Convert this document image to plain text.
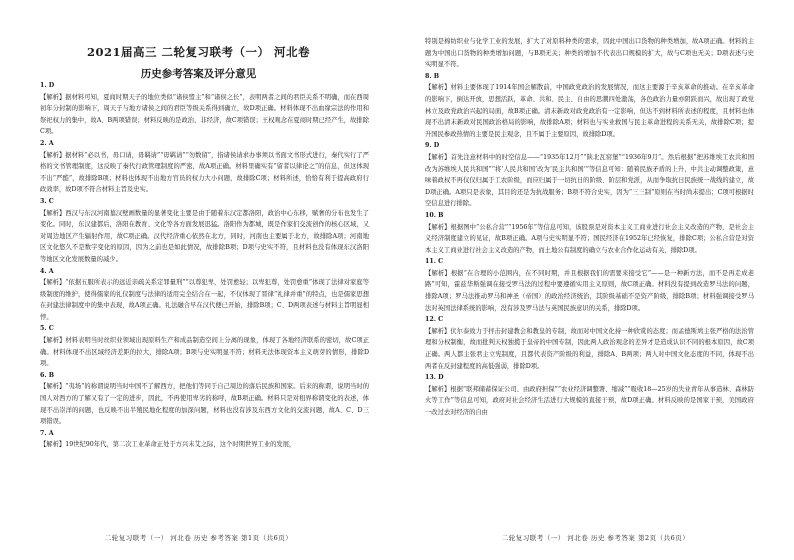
2021届高三 二轮复习联考（一） 河北卷
历史参考答案及评分意见
1. D
【解析】据材料可知，夏商时期天子的地位类似“诸侯盟主”和“诸侯之长”，表明两者之间的君臣关系不明确，而在西周初年分封制的影响下，周天子与地方诸侯之间的君臣等级关系得到确立，故D项正确。材料体现不出血缘宗法的作用和祭祀权力的集中，故A、B两项错误；材料反映的是政治，非经济，故C项错误；王权观念在夏商时期已经产生，故排除C项。
2. A
【解析】据材料“必以书，毋口请，毋羁请”“毋羁请”“勿数留”，指诸侯请求办事须以书面文书形式进行，秦代实行了严格的文书管理制度，这反映了秦代行政管理制度的严密，故A项正确。材料里确实有“留者以律论之”的信息，但这体现不出“严酷”，故排除B项；材料也体现不出地方官员的权力大小问题，故排除C项；材料所述，恰恰有利于提高政府行政效率，故D项不符合材料主旨及史实。
3. C
【解析】西汉与东汉河南墓汉壁画数量的显著变化主要是由于随着东汉定都洛阳，政治中心东移，赋奢的分布也发生了变化。同时，东汉建都后，洛阳在教育、文化等各方面发展迅猛。洛阳作为都城，既是作家们交流创作的核心区域，又对周边地区产生辐射作用，故C项正确。汉代经济重心依然在北方，同时，河南也主要属于北方，故排除A项；河南地区文化悠久不是数字变化的原因，因为之前也是如此情况，故排除B项；D项与史实不符，且材料也没有体现东汉洛阳等地区文化发展数量的减少。
4. A
【解析】“依据五服所表示的远近亲疏关系定罪量刑”“以尊犯卑，处罚愈轻；以卑犯尊，处罚愈重”体现了法律对家庭等级制度的维护，使得儒家的礼仪制度与法律的适用完全结合在一起，不仅体现了晋律“礼律并重”的特点，也是儒家思想在封建法律制度中的集中表现，故A项正确。礼法融合早在汉代便已开始，排除B项；C、D两项表述与材料主旨明显相悖。
5. C
【解析】材料表明当时丝织业领域出现原料生产和成品制造空间上分离的现象，体现了各地经济联系的密切，故C项正确。材料体现不出区域经济差距的拉大，排除A项；B项与史实明显不符；材料无法体现资本主义萌芽的情形，排除D项。
6. B
【解析】“夷场”的称谓说明当时中国不了解西方，把他们等同于自己周边的落后民族和国家。后来的称谓，说明当时的国人对西方的了解又有了一定的进步，因此，不再使用卑劣的称呼，故B项正确。材料只是对租界称谓变化的表述，体现不出崇洋的问题，也反映不出半殖民地化程度的加深问题，材料也没有涉及东西方文化的交流问题，故A、C、D三项错误。
7. A
【解析】19世纪90年代，第二次工业革命正处于方兴未艾之际，这个时期世界工业的发展，
二轮复习联考（一） 河北卷 历史 参考答案 第1页（共6页）
特别是棉纺织业与化学工业的发展，扩大了对原料种类的需求，因此中国出口货物的种类增加，故A项正确。材料的主题为中国出口货物的种类增加问题，与B项无关；种类的增加不代表出口规模的扩大，故与C项也无关；D项表述与史实明显不符。
8. B
【解析】材料主要体现了1914年国会解散前，中国政党政治的发展情况，而这主要源于辛亥革命的推动。在辛亥革命的影响下，倒达开放，思想活跃，革命、共和、民主、自由的思潮四处激荡，各色政治力量亦阴跃而兴，故出现了政党林立及政党政治兴起的局面，故B项正确。清末新政对政党政治有一定影响，但达不到材料所表述的程度，且材料也体现不出清末新政对民国政治格局的影响，故排除A项；材料也与实业救国与民主革命进程的关系无关，故排除C项；提升国民参政热情的主要是民主观念，且不属于主要原因，故排除D项。
9. D
【解析】首先注意材料中的时空信息——“1935年12月”“陕北瓦窑堡”“1936年9月”。然后根据“把苏维埃工农共和国改为苏维埃人民共和国”“将‘人民共和国’改为‘民主共和国’”等信息可知：随着民族矛盾的上升，中共主动调整政策，意味着政权不再仅仅归属于工农阶级，而应归属于一切抗日的阶级、阶层和党派，从而争取抗日民族统一战线的建立，故D项正确。A项只是表象，其目的还是为抗战服务；B项不符合史实，因为“三三制”原则在当时尚未提出；C项可根据时空信息进行排除。
10. B
【解析】根据图中“公私合营”“1956年”等信息可知，该股票是对资本主义工商业进行社会主义改造的产物，是社会主义经济制度建立的见证，故B项正确。A项与史实明显不符；国民经济在1952年已经恢复，排除C项；公私合营是对资本主义工商业进行社会主义改造的产物，而土地公有制度的确立与农业合作化运动有关，排除D项。
11. C
【解析】根据“在合理的小范围内，在不同时期，并且根据我们的需要来接受它”——是一种新方法，而不是再走成老路”可知，霍兹华斯强调在接受罗马法的过程中要遵循实用主义原则，故C项正确。材料没有提到改造罗马法的问题，排除A项；罗马法推动罗马和神圣（帝国）的政治经济统治，其阶级基础不是资产阶级，排除B项；材料强调接受罗马法对英国法律系统的影响，没有涉及罗马法与英国民族意识的关系，排除D项。
12. C
【解析】伏尔泰致力于抨击封建教会和教皇的专制，故而对中国文化持一种欣赏的态度；而孟德斯鸠主张严格的法治管理和分权制衡，故而批判天权独揽于皇帝的中国专制，因此两人政治观念的差异才是造成认识不同的根本原因，故C项正确。两人都主张君主立宪制度，且都代表资产阶级的利益，排除A、B两项；两人对中国文化态度的不同，体现不出两者在反封建程度的高低强弱，排除D项。
13. D
【解析】根据“联邦储蓄保证公司、由政府担保”“农业经济调整署、缩减”“吸收18—25岁的失业青年从事造林、森林防火等工作”等信息可知，政府对社会经济生活进行大规模的直接干预，故D项正确。材料反映的是国家干预，美国政府一改过去对经济的自由
二轮复习联考（一） 河北卷 历史 参考答案 第2页（共6页）
